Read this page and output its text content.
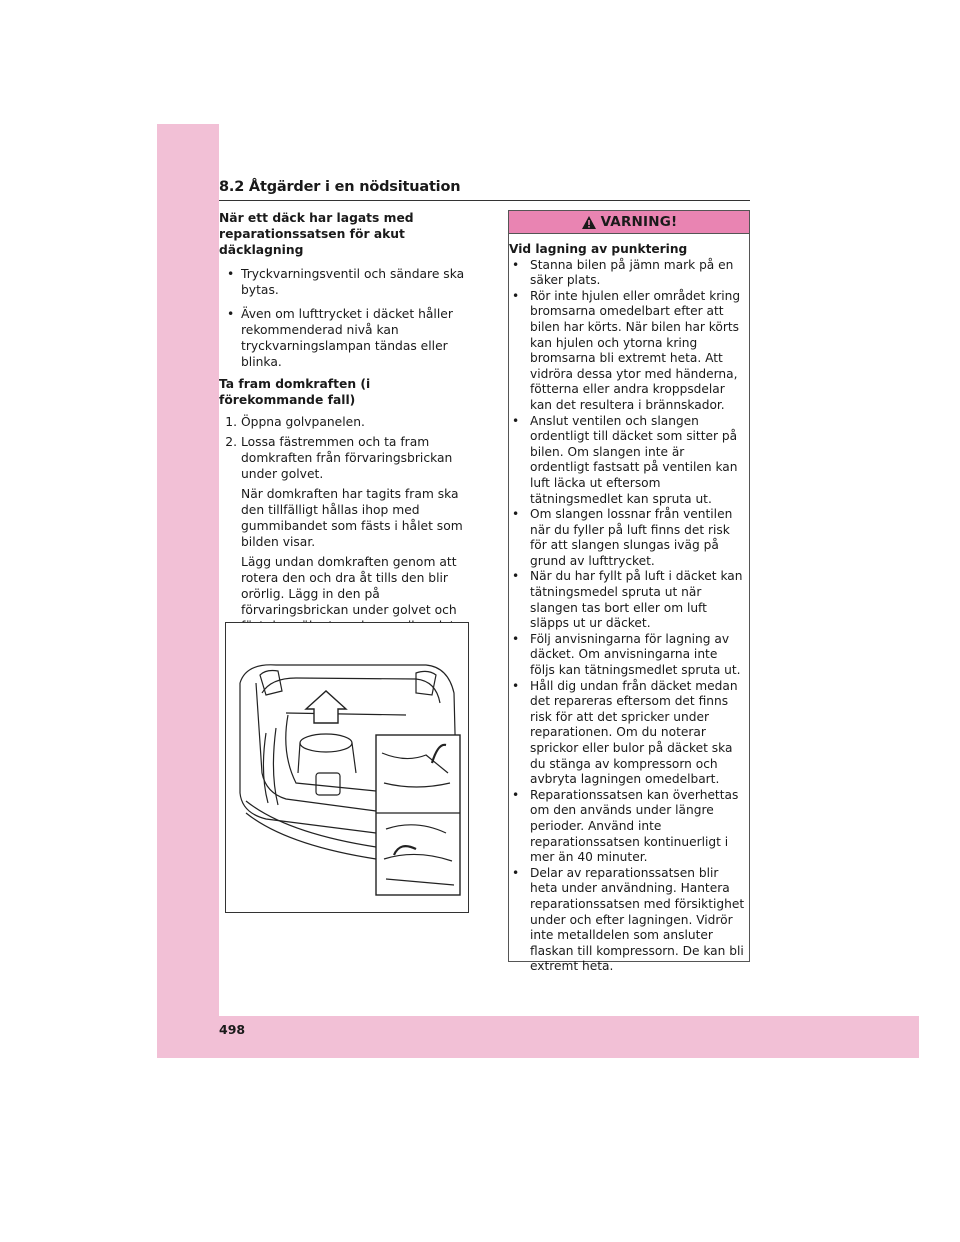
8.2 Åtgärder i en nödsituation

När ett däck har lagats med reparationssatsen för akut däcklagning

• Tryckvarningsventil och sändare ska bytas.

• Även om lufttrycket i däcket håller rekommenderad nivå kan tryckvarningslampan tändas eller blinka.

Ta fram domkraften (i förekommande fall)

1. Öppna golvpanelen.

2. Lossa fästremmen och ta fram domkraften från förvaringsbrickan under golvet.

När domkraften har tagits fram ska den tillfälligt hållas ihop med gummibandet som fästs i hålet som bilden visar.

Lägg undan domkraften genom att rotera den och dra åt tills den blir orörlig. Lägg in den på förvaringsbrickan under golvet och

VARNING!

Vid lagning av punktering

• Stanna bilen på jämn mark på en säker plats.

• Rör inte hjulen eller området kring bromsarna omedelbart efter att bilen har körts. När bilen har körts kan hjulen och ytorna kring bromsarna bli extremt heta. Att vidröra dessa ytor med händerna, fötterna eller andra kroppsdelar kan det resultera i brännskador.

• Anslut ventilen och slangen ordentligt till däcket som sitter på bilen. Om slangen inte är ordentligt fastsatt på ventilen kan luft läcka ut eftersom tätningsmedlet kan spruta ut.

• Om slangen lossnar från ventilen när du fyller på luft finns det risk för att slangen slungas iväg på grund av lufttrycket.

• När du har fyllt på luft i däcket kan tätningsmedel spruta ut när slangen tas bort eller om luft släpps ut ur däcket.

• Följ anvisningarna för lagning av däcket. Om anvisningarna inte följs kan tätningsmedlet spruta ut.

• Håll dig undan från däcket medan det repareras eftersom det finns risk för att det spricker under reparationen. Om du noterar sprickor eller bulor på däcket ska du stänga av kompressorn och avbryta lagningen omedelbart.

• Reparationssatsen kan överhettas om den används under längre perioder. Använd inte reparationssatsen kontinuerligt i mer än 40 minuter.

• Delar av reparationssatsen blir heta under användning. Hantera reparationssatsen med försiktighet under och efter lagningen. Vidrör inte metalldelen som ansluter flaskan till kompressorn. De kan bli extremt heta.

498
